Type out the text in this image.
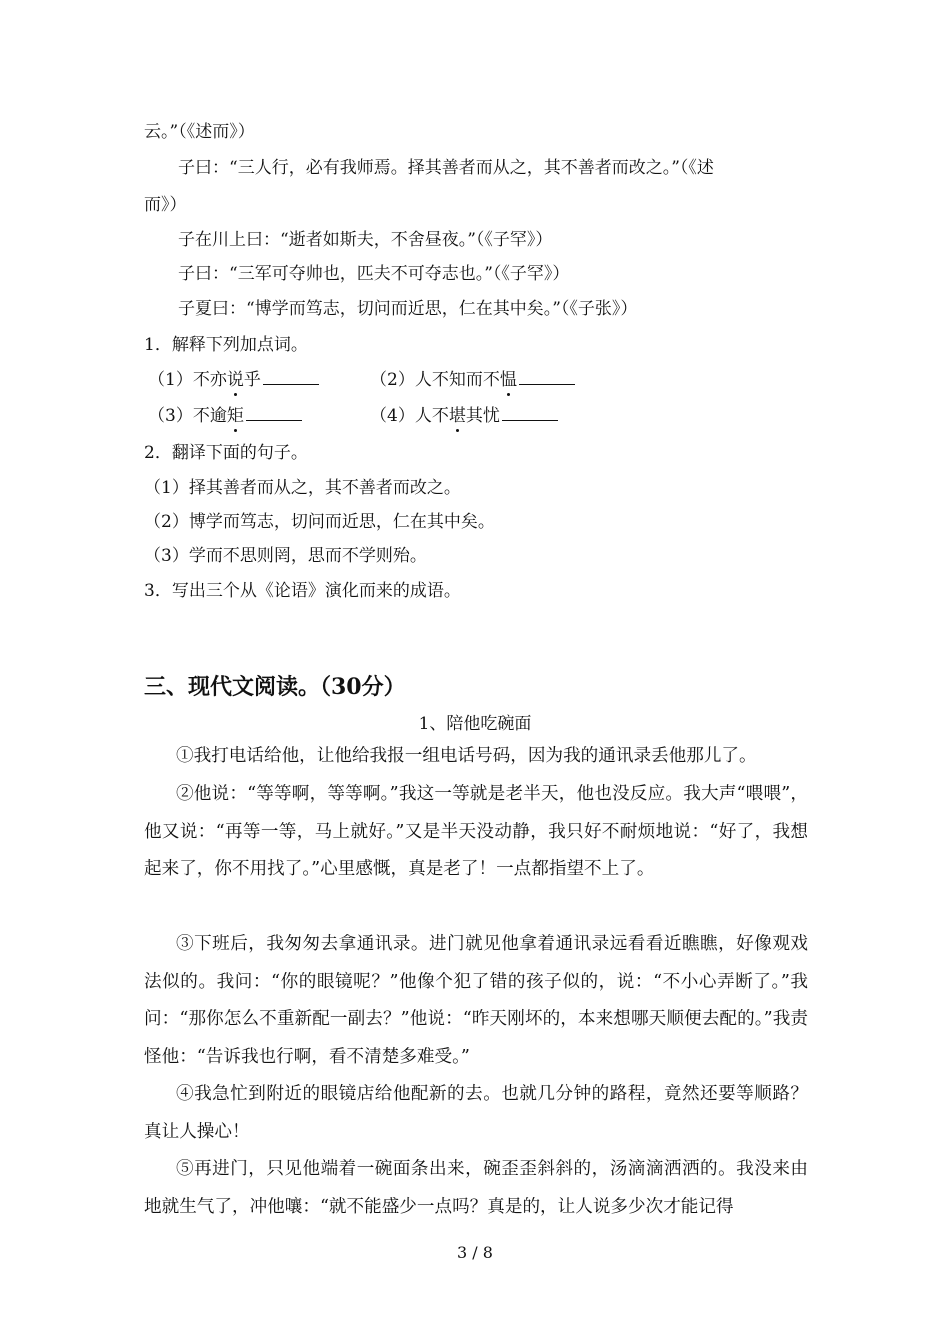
云。”（《述而》）
子曰：“三人行，必有我师焉。择其善者而从之，其不善者而改之。”（《述
而》）
子在川上曰：“逝者如斯夫，不舍昼夜。”（《子罕》）
子曰：“三军可夺帅也，匹夫不可夺志也。”（《子罕》）
子夏曰：“博学而笃志，切问而近思，仁在其中矣。”（《子张》）
1．解释下列加点词。
（1）不亦说乎	（2）人不知而不愠
（3）不逾矩	（4）人不堪其忧
2．翻译下面的句子。
（1）择其善者而从之，其不善者而改之。
（2）博学而笃志，切问而近思，仁在其中矣。
（3）学而不思则罔，思而不学则殆。
3．写出三个从《论语》演化而来的成语。
三、现代文阅读。（30分）
1、陪他吃碗面
①我打电话给他，让他给我报一组电话号码，因为我的通讯录丢他那儿了。
②他说：“等等啊，等等啊。”我这一等就是老半天，他也没反应。我大声“喂喂”，他又说：“再等一等，马上就好。”又是半天没动静，我只好不耐烦地说：“好了，我想起来了，你不用找了。”心里感慨，真是老了！一点都指望不上了。
③下班后，我匆匆去拿通讯录。进门就见他拿着通讯录远看看近瞧瞧，好像观戏法似的。我问：“你的眼镜呢？”他像个犯了错的孩子似的，说：“不小心弄断了。”我问：“那你怎么不重新配一副去？”他说：“昨天刚坏的，本来想哪天顺便去配的。”我责怪他：“告诉我也行啊，看不清楚多难受。”
④我急忙到附近的眼镜店给他配新的去。也就几分钟的路程，竟然还要等顺路？真让人操心！
⑤再进门，只见他端着一碗面条出来，碗歪歪斜斜的，汤滴滴洒洒的。我没来由地就生气了，冲他嚷：“就不能盛少一点吗？真是的，让人说多少次才能记得
3 / 8
